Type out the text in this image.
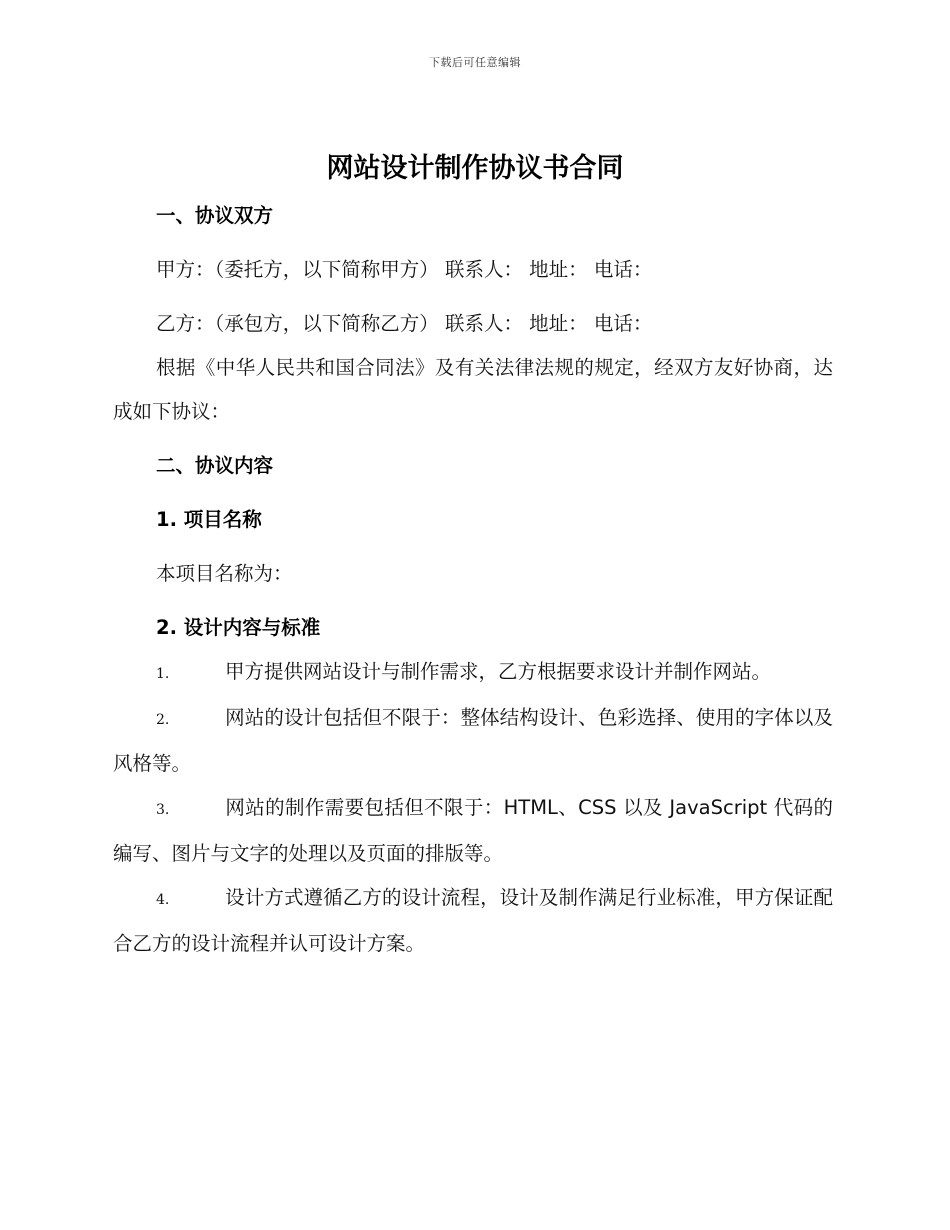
下载后可任意编辑
网站设计制作协议书合同

一、协议双方

甲方：（委托方，以下简称甲方） 联系人： 地址： 电话：

乙方：（承包方，以下简称乙方） 联系人： 地址： 电话：

根据《中华人民共和国合同法》及有关法律法规的规定，经双方友好协商，达成如下协议：

二、协议内容

1. 项目名称

本项目名称为：

2. 设计内容与标准

1.	甲方提供网站设计与制作需求，乙方根据要求设计并制作网站。

2.	网站的设计包括但不限于：整体结构设计、色彩选择、使用的字体以及风格等。

3.	网站的制作需要包括但不限于：HTML、CSS 以及 JavaScript 代码的编写、图片与文字的处理以及页面的排版等。

4.	设计方式遵循乙方的设计流程，设计及制作满足行业标准，甲方保证配合乙方的设计流程并认可设计方案。
